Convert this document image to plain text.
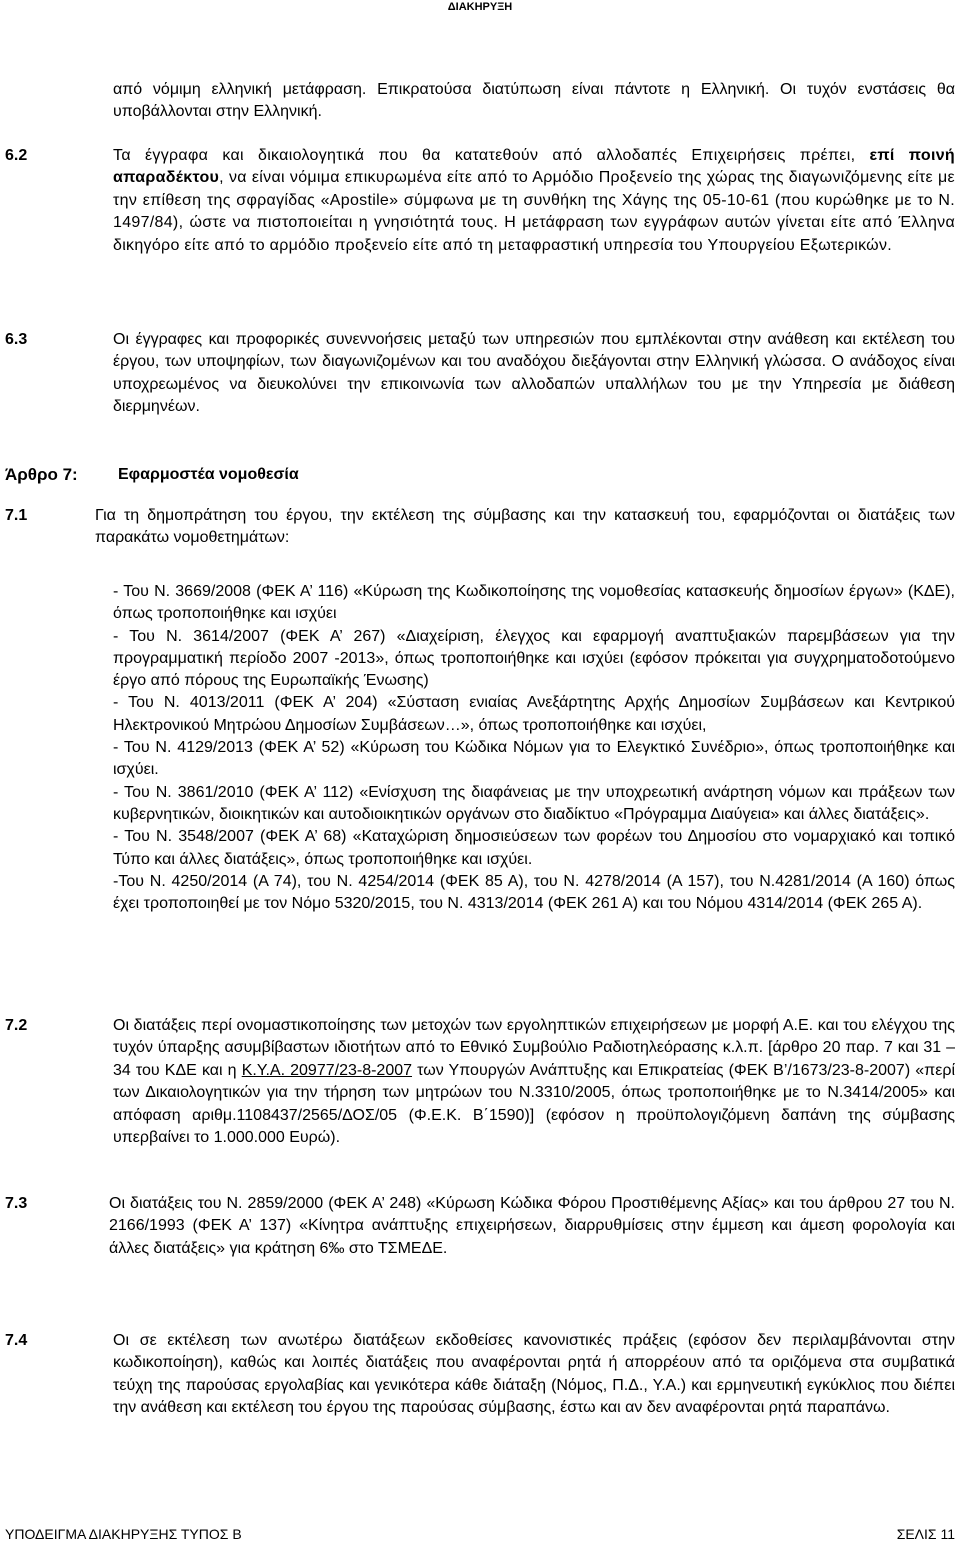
ΔΙΑΚΗΡΥΞΗ
από νόμιμη ελληνική μετάφραση. Επικρατούσα διατύπωση είναι πάντοτε η Ελληνική. Οι τυχόν ενστάσεις θα υποβάλλονται στην Ελληνική.
6.2	Τα έγγραφα και δικαιολογητικά που θα κατατεθούν από αλλοδαπές Επιχειρήσεις πρέπει, επί ποινή απαραδέκτου, να είναι νόμιμα επικυρωμένα είτε από το Αρμόδιο Προξενείο της χώρας της διαγωνιζόμενης είτε με την επίθεση της σφραγίδας «Apostile» σύμφωνα με τη συνθήκη της Χάγης της 05-10-61 (που κυρώθηκε με το Ν. 1497/84), ώστε να πιστοποιείται η γνησιότητά τους. Η μετάφραση των εγγράφων αυτών γίνεται είτε από Έλληνα δικηγόρο είτε από το αρμόδιο προξενείο είτε από τη μεταφραστική υπηρεσία του Υπουργείου Εξωτερικών.
6.3	Οι έγγραφες και προφορικές συνεννοήσεις μεταξύ των υπηρεσιών που εμπλέκονται στην ανάθεση και εκτέλεση του έργου, των υποψηφίων, των διαγωνιζομένων και του αναδόχου διεξάγονται στην Ελληνική γλώσσα. Ο ανάδοχος είναι υποχρεωμένος να διευκολύνει την επικοινωνία των αλλοδαπών υπαλλήλων του με την Υπηρεσία με διάθεση διερμηνέων.
Άρθρο 7:	Εφαρμοστέα νομοθεσία
7.1	Για τη δημοπράτηση του έργου, την εκτέλεση της σύμβασης και την κατασκευή του, εφαρμόζονται οι διατάξεις των παρακάτω νομοθετημάτων:
- Του Ν. 3669/2008 (ΦΕΚ Α’ 116) «Κύρωση της Κωδικοποίησης της νομοθεσίας κατασκευής δημοσίων έργων» (ΚΔΕ), όπως τροποποιήθηκε και ισχύει
- Του Ν. 3614/2007 (ΦΕΚ Α’ 267) «Διαχείριση, έλεγχος και εφαρμογή αναπτυξιακών παρεμβάσεων για την προγραμματική περίοδο 2007 -2013», όπως τροποποιήθηκε και ισχύει (εφόσον πρόκειται για συγχρηματοδοτούμενο έργο από πόρους της Ευρωπαϊκής Ένωσης)
- Του Ν. 4013/2011 (ΦΕΚ Α’ 204) «Σύσταση ενιαίας Ανεξάρτητης Αρχής Δημοσίων Συμβάσεων και Κεντρικού Ηλεκτρονικού Μητρώου Δημοσίων Συμβάσεων…», όπως τροποποιήθηκε και ισχύει,
- Του Ν. 4129/2013 (ΦΕΚ Α’ 52) «Κύρωση του Κώδικα Νόμων για το Ελεγκτικό Συνέδριο», όπως τροποποιήθηκε και ισχύει.
- Του Ν. 3861/2010 (ΦΕΚ Α’ 112) «Ενίσχυση της διαφάνειας με την υποχρεωτική ανάρτηση νόμων και πράξεων των κυβερνητικών, διοικητικών και αυτοδιοικητικών οργάνων στο διαδίκτυο «Πρόγραμμα Διαύγεια» και άλλες διατάξεις».
- Του Ν. 3548/2007 (ΦΕΚ Α’ 68) «Καταχώριση δημοσιεύσεων των φορέων του Δημοσίου στο νομαρχιακό και τοπικό Τύπο και άλλες διατάξεις», όπως τροποποιήθηκε και ισχύει.
-Του Ν. 4250/2014 (Α 74), του Ν. 4254/2014 (ΦΕΚ 85 Α), του Ν. 4278/2014 (Α 157), του Ν.4281/2014 (Α 160) όπως έχει τροποποιηθεί με τον Νόμο 5320/2015, του Ν. 4313/2014 (ΦΕΚ 261 Α) και του Νόμου 4314/2014 (ΦΕΚ 265 Α).
7.2	Οι διατάξεις περί ονομαστικοποίησης των μετοχών των εργοληπτικών επιχειρήσεων με μορφή Α.Ε. και του ελέγχου της τυχόν ύπαρξης ασυμβίβαστων ιδιοτήτων από το Εθνικό Συμβούλιο Ραδιοτηλεόρασης κ.λ.π. [άρθρο 20 παρ. 7 και 31 – 34 του ΚΔΕ και η Κ.Υ.Α. 20977/23-8-2007 των Υπουργών Ανάπτυξης και Επικρατείας (ΦΕΚ Β’/1673/23-8-2007) «περί των Δικαιολογητικών για την τήρηση των μητρώων του Ν.3310/2005, όπως τροποποιήθηκε με το Ν.3414/2005» και απόφαση αριθμ.1108437/2565/ΔΟΣ/05 (Φ.Ε.Κ. Β΄1590)] (εφόσον η προϋπολογιζόμενη δαπάνη της σύμβασης υπερβαίνει το 1.000.000 Ευρώ).
7.3	Οι διατάξεις του Ν. 2859/2000 (ΦΕΚ Α’ 248) «Κύρωση Κώδικα Φόρου Προστιθέμενης Αξίας» και του άρθρου 27 του Ν. 2166/1993 (ΦΕΚ Α’ 137) «Κίνητρα ανάπτυξης επιχειρήσεων, διαρρυθμίσεις στην έμμεση και άμεση φορολογία και άλλες διατάξεις» για κράτηση 6‰ στο ΤΣΜΕΔΕ.
7.4	Οι σε εκτέλεση των ανωτέρω διατάξεων εκδοθείσες κανονιστικές πράξεις (εφόσον δεν περιλαμβάνονται στην κωδικοποίηση), καθώς και λοιπές διατάξεις που αναφέρονται ρητά ή απορρέουν από τα οριζόμενα στα συμβατικά τεύχη της παρούσας εργολαβίας και γενικότερα κάθε διάταξη (Νόμος, Π.Δ., Υ.Α.) και ερμηνευτική εγκύκλιος που διέπει την ανάθεση και εκτέλεση του έργου της παρούσας σύμβασης, έστω και αν δεν αναφέρονται ρητά παραπάνω.
ΥΠΟΔΕΙΓΜΑ ΔΙΑΚΗΡΥΞΗΣ ΤΥΠΟΣ Β	ΣΕΛΙΣ 11
